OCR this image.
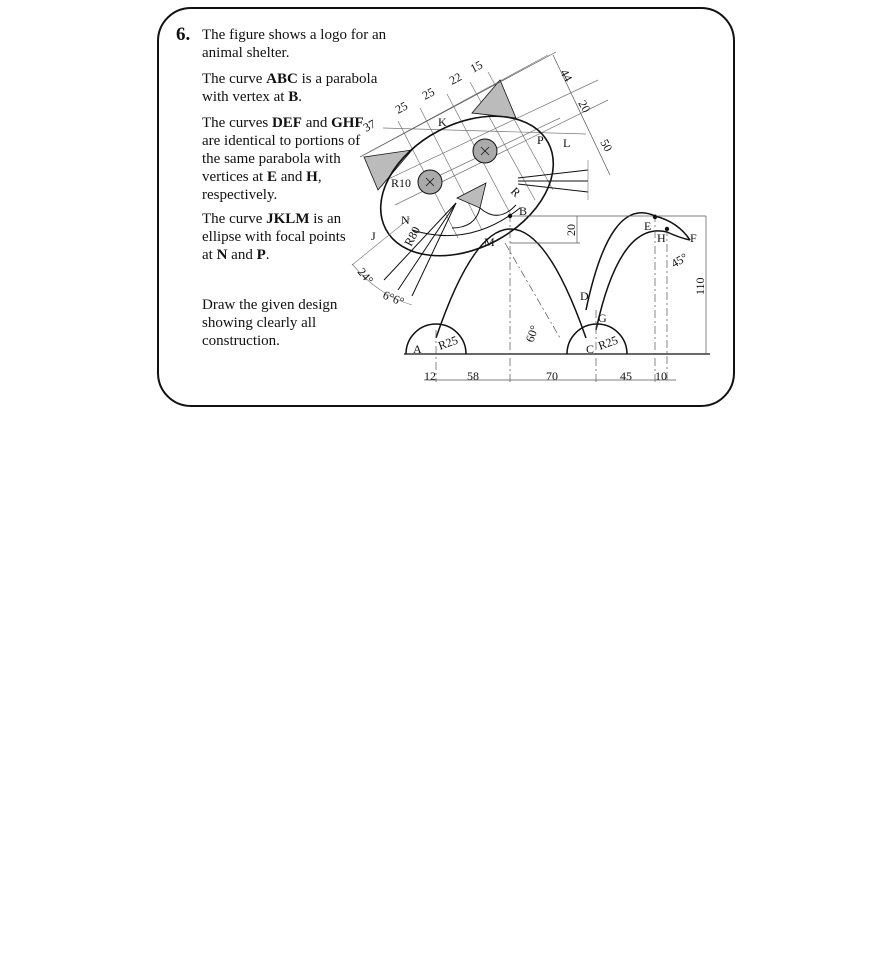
6. The figure shows a logo for an animal shelter.
The curve ABC is a parabola with vertex at B.
The curves DEF and GHF are identical to portions of the same parabola with vertices at E and H, respectively.
The curve JKLM is an ellipse with focal points at N and P.
Draw the given design showing clearly all construction.	A
B
C
D
E
F
G
H
J
K
L
M
N
P
R10
R25	R25
R80
R
37
25
25
22
15	44
20
50
12	58	70	45 10
20
110
45°
60°
24°
6°6°
